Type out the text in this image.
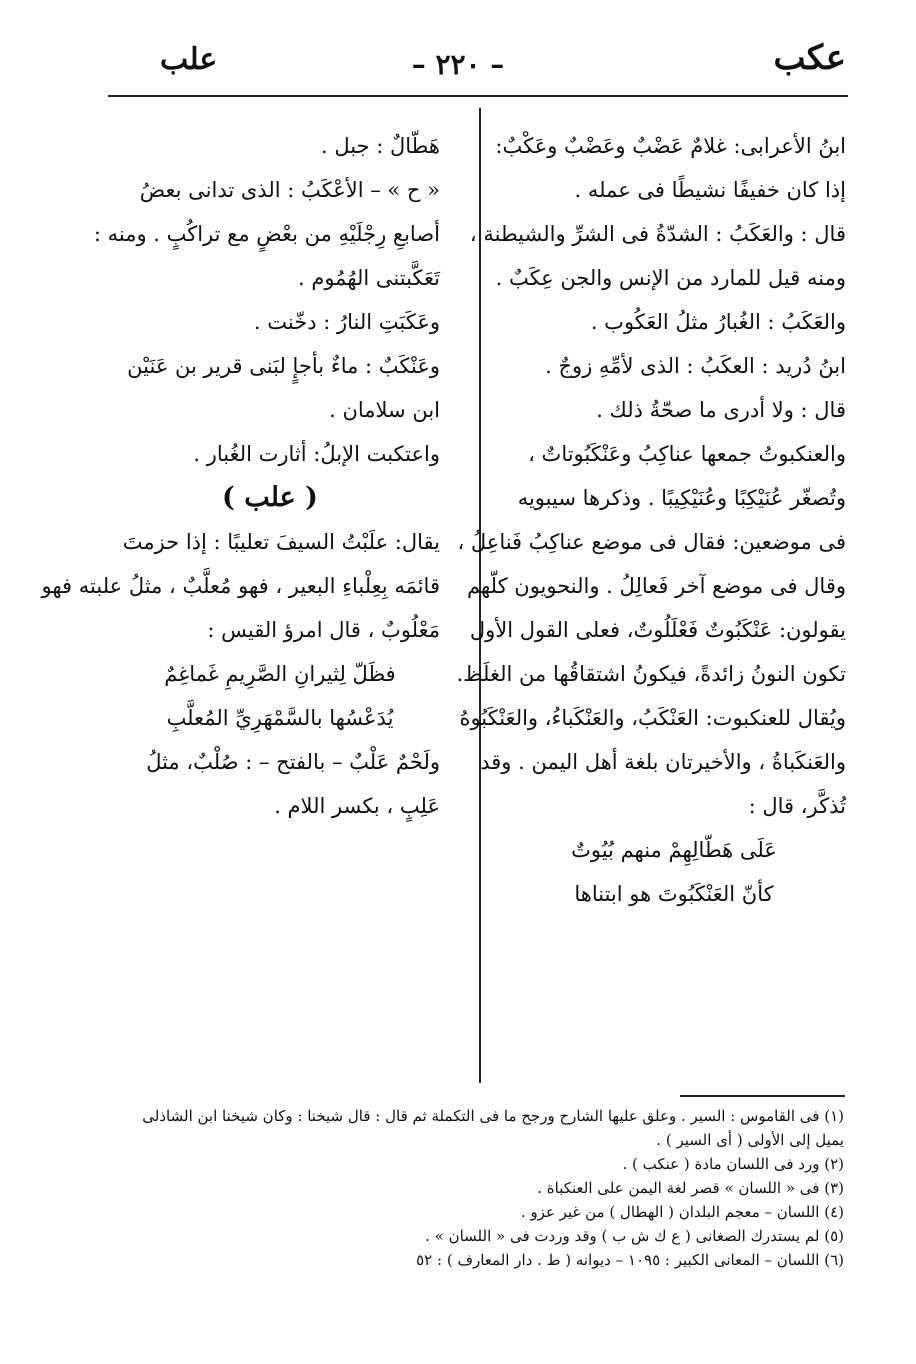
عكب
– ٢٢٠ –
علب

ابنُ الأعرابى: غلامٌ عَضْبٌ وعَضْبٌ وعَكْبٌ:

إذا كان خفيفًا نشيطًا فى عمله .

قال : والعَكَبُ : الشدّةُ فى الشرِّ والشيطنة ،

ومنه قيل للمارد من الإنس والجن عِكَبٌ .

والعَكَبُ : الغُبارُ مثلُ العَكُوب .

ابنُ دُريد : العكَبُ : الذى لأمِّهِ زوجٌ .

قال : ولا أدرى ما صحّةُ ذلك .

والعنكبوتُ جمعها عناكِبُ وعَنْكَبُوتاتٌ ،

وتُصغّر عُنَيْكِبًا وعُنَيْكِيبًا . وذكرها سيبويه

فى موضعين: فقال فى موضع عناكِبُ فَناعِلُ ،

وقال فى موضع آخر فَعالِلُ . والنحويون كلّهم

يقولون: عَنْكَبُوتٌ فَعْلَلُوتٌ، فعلى القول الأول

تكون النونُ زائدةً، فيكونُ اشتقاقُها من الغلَظ.

ويُقال للعنكبوت: العَنْكَبُ، والعَنْكَباءُ، والعَنْكَبُوهُ

والعَنكَباةُ ، والأخيرتان بلغة أهل اليمن . وقد

تُذكَّر، قال :

عَلَى هَطّالِهِمْ منهم بُيُوتٌ

كأنّ العَنْكَبُوتَ هو ابتناها

هَطّالٌ : جبل .

« ح » – الأعْكَبُ : الذى تدانى بعضُ

أصابعِ رِجْلَيْهِ من بعْضٍ مع تراكُبٍ . ومنه :

تَعَكَّبتنى الهُمُوم .

وعَكَبَتِ النارُ : دخّنت .

وعَنْكَبٌ : ماءٌ بأجإٍ لبَنى قرير بن عَنَيْن

ابن سلامان .

واعتكبت الإبلُ: أثارت الغُبار .

( علب )

يقال: علَبْتُ السيفَ تعليبًا : إذا حزمتَ

قائمَه بِعِلْباءِ البعير ، فهو مُعلَّبٌ ، مثلُ علبته فهو

مَعْلُوبٌ ، قال امرؤ القيس :

فظَلّ لِثيرانِ الصَّرِيمِ غَماغِمٌ

يُدَعْسُها بالسَّمْهَرِيِّ المُعلَّبِ

ولَحْمٌ عَلْبٌ – بالفتح – : صُلْبٌ، مثلُ

عَلِبٍ ، بكسر اللام .

(١) فى القاموس : السير . وعلق عليها الشارح ورجح ما فى التكملة ثم قال : قال شيخنا : وكان شيخنا ابن الشاذلى

يميل إلى الأولى ( أى السير ) .

(٢) ورد فى اللسان مادة ( عنكب ) .

(٣) فى « اللسان » قصر لغة اليمن على العنكباة .

(٤) اللسان – معجم البلدان ( الهطال ) من غير عزو .

(٥) لم يستدرك الصغانى ( ع ك ش ب ) وقد وردت فى « اللسان » .

(٦) اللسان – المعانى الكبير : ١٠٩٥ – ديوانه ( ط . دار المعارف ) : ٥٢
